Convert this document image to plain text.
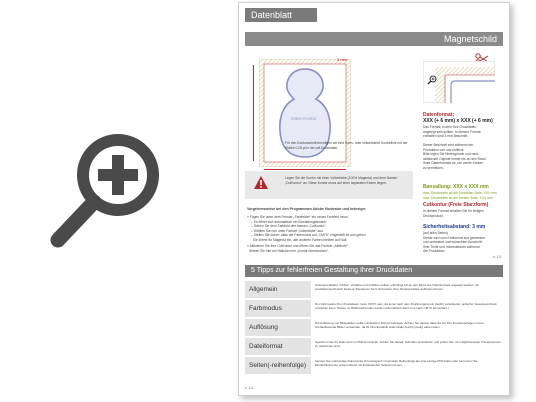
Datenblatt
Magnetschild
3 mm
Motiv-Kontur
Für den Konturschnitt benötigen wir eine linien- oder vektorisierte Konturlinie mit der Stärke 0,25 pt in der pdf-Druckdatei.
Legen Sie die Kontur mit einer Vollonfarbe (100% Magenta) und dem Namen „CutKontur“ an. Diese Kontur muss auf einer separaten Ebene liegen.
Vorgehensweise bei den Programmen Adobe Illustrator und Indesign:
» Fügen Sie unter dem Fenster „Farbfelder“ ein neues Farbfeld hinzu.
– Es öffnet sich automatisch ein Einstellungsfenster.
– Geben Sie dem Farbfeld den Namen „CutKontur“.
– Wählen Sie nun unter Farbart „Vollonfarbe“ aus.
– Stellen Sie sicher, dass der Farbmodus auf „CMYK“ eingestellt ist und geben
Sie Werte für Magenta ein, alle anderen Farben bleiben auf Null.
» Aktivieren Sie Ihre CutKontur und öffnen Sie das Fenster „Attribute“.
Setzen Sie hier ein Häkchen bei „Kontur überdrucken“.
Datenformat:
XXX (+ 6 mm) x XXX (+ 6 mm)
Das Format, in dem Ihre Druckdaten
angelegt sein sollten. In diesem Format
enthalten sind 3 mm Beschnitt.
Dieser Beschnitt wird während der
Produktion von uns entfernt.
Bitte legen Sie Hintergründe und rand-
abfallende Objekte immer bis an den Rand
Ihres Datenformats an, um weiße Kanten
zu vermeiden.
Bansallung: XXX x XXX mm
max. Druckbreite an der kürzesten Seite: XXX mm
max. Druckbreite an der breiten Seite: XXX mm
Cutkontur (Freie Starzform)
In diesem Format erhalten Sie Ihr fertiges
Druckprodukt.
Sicherheitsabstand: 3 mm
(auf allen Seiten)
Dieser wird vom Endformat aus gemessen
und verhindert unerwünschten Anschnitt
Ihrer Texte und Informationen während
der Produktion.
v. 1.0
5 Tipps zur fehlerfreien Gestaltung Ihrer Druckdaten
Allgemein
Hintergrundbilder, Farben, Verläufe und Grafiken sollten unbedingt bis an den Rand des Datenformats angelegt werden, da produktionstechnisch kleinere Toleranzen beim Schneiden Ihrer Druckprodukte auftreten können.
Farbmodus
Der Farbmodus Ihrer Druckdaten muss CMYK sein, da sonst nach dem Druckvorgang ein (leicht) veränderter, optischer Gesamteindruck entstehen kann. (Daten im RGB-Farbmodus werden automatisch durch uns nach CMYK konvertiert.)
Auflösung
Die Auflösung von Bildgrafiken sollte mindestens 300 dpi betragen. Achten Sie darauf, dass Sie für Ihre Druckunterlagen immer hochauflösende Bilder verwenden, da Ihr Druckprodukt andernfalls (leicht) pixelig wirken kann.
Dateiformat
Speichern Sie Ihr Dokument im PDF-Format ab. Achten Sie darauf, Schriften einzubetten und prüfen Sie, ob möglicherweise Transparenzen zu reduzieren sind.
Seiten(-reihenfolge)
Senden Sie mehrseitige Dokumente chronologisch in korrekter Reihenfolge als eine einzige PDF-Datei oder benennen Sie Einzeldokumente entsprechend mit fortlaufenden Seitennummern.
v. 1.0
